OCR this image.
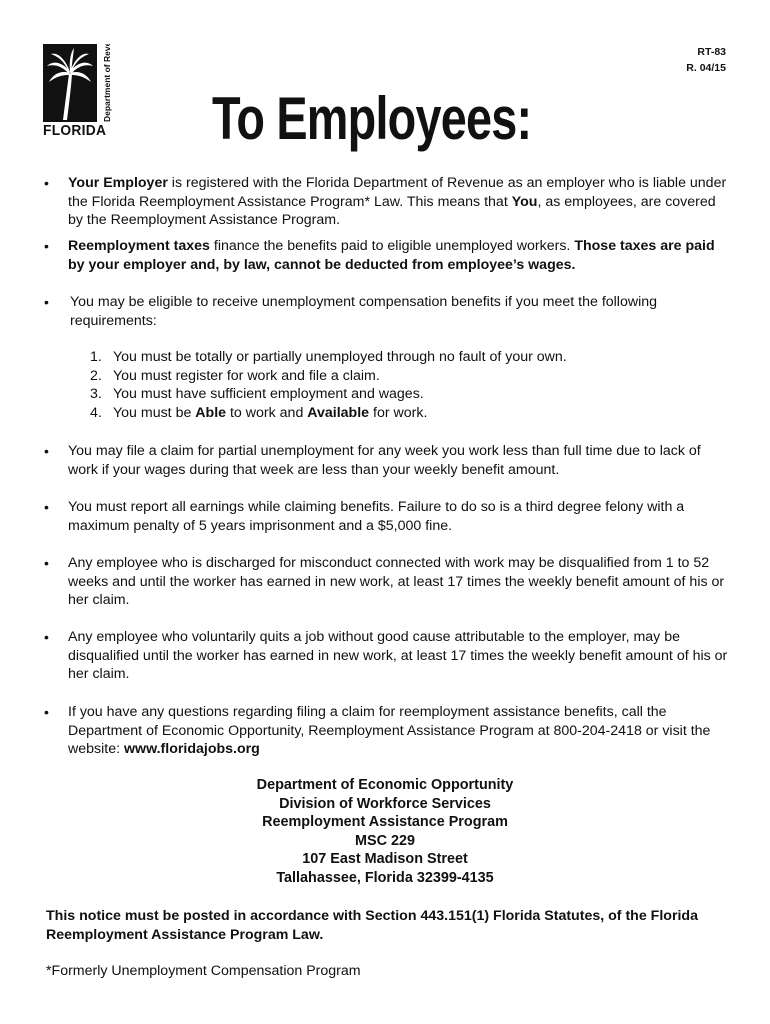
Department of Revenue
FLORIDA
RT-83
R. 04/15
To Employees:
• Your Employer is registered with the Florida Department of Revenue as an employer who is liable under the Florida Reemployment Assistance Program* Law. This means that You, as employees, are covered by the Reemployment Assistance Program.
• Reemployment taxes finance the benefits paid to eligible unemployed workers. Those taxes are paid by your employer and, by law, cannot be deducted from employee’s wages.
• You may be eligible to receive unemployment compensation benefits if you meet the following requirements:
1. You must be totally or partially unemployed through no fault of your own.
2. You must register for work and file a claim.
3. You must have sufficient employment and wages.
4. You must be Able to work and Available for work.
• You may file a claim for partial unemployment for any week you work less than full time due to lack of work if your wages during that week are less than your weekly benefit amount.
• You must report all earnings while claiming benefits. Failure to do so is a third degree felony with a maximum penalty of 5 years imprisonment and a $5,000 fine.
• Any employee who is discharged for misconduct connected with work may be disqualified from 1 to 52 weeks and until the worker has earned in new work, at least 17 times the weekly benefit amount of his or her claim.
• Any employee who voluntarily quits a job without good cause attributable to the employer, may be disqualified until the worker has earned in new work, at least 17 times the weekly benefit amount of his or her claim.
• If you have any questions regarding filing a claim for reemployment assistance benefits, call the Department of Economic Opportunity, Reemployment Assistance Program at 800-204-2418 or visit the website: www.floridajobs.org
Department of Economic Opportunity
Division of Workforce Services
Reemployment Assistance Program
MSC 229
107 East Madison Street
Tallahassee, Florida 32399-4135
This notice must be posted in accordance with Section 443.151(1) Florida Statutes, of the Florida Reemployment Assistance Program Law.
*Formerly Unemployment Compensation Program
